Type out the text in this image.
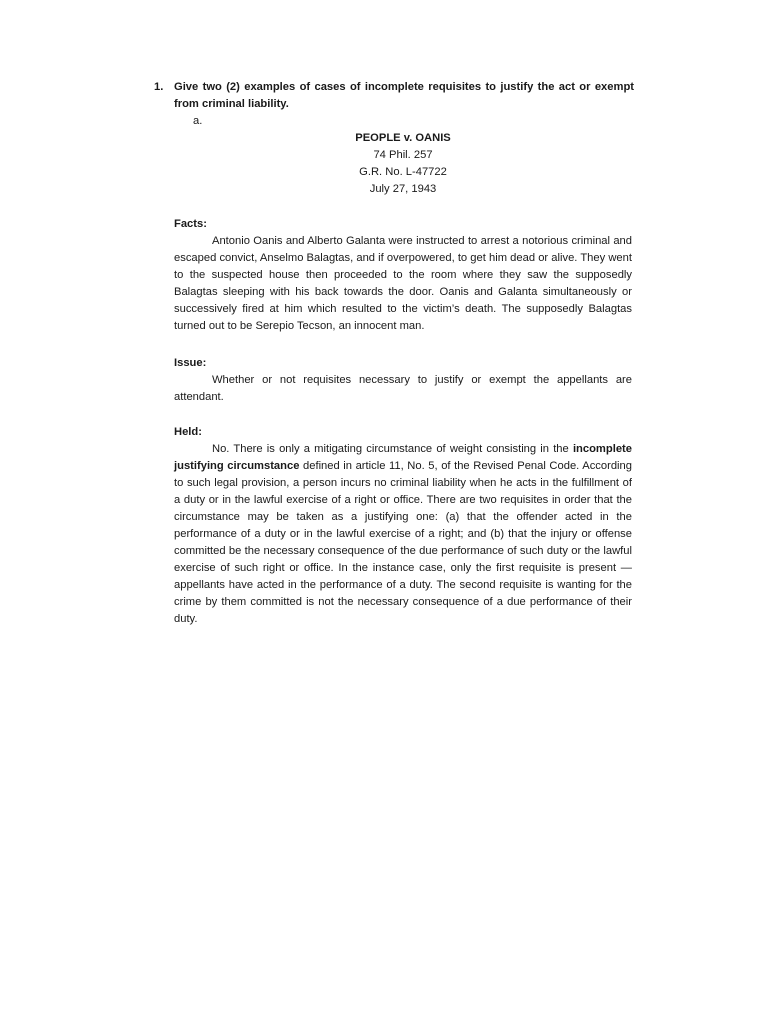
1. Give two (2) examples of cases of incomplete requisites to justify the act or exempt from criminal liability.
a.
PEOPLE v. OANIS
74 Phil. 257
G.R. No. L-47722
July 27, 1943
Facts:

Antonio Oanis and Alberto Galanta were instructed to arrest a notorious criminal and escaped convict, Anselmo Balagtas, and if overpowered, to get him dead or alive. They went to the suspected house then proceeded to the room where they saw the supposedly Balagtas sleeping with his back towards the door. Oanis and Galanta simultaneously or successively fired at him which resulted to the victim’s death. The supposedly Balagtas turned out to be Serepio Tecson, an innocent man.

Issue:

Whether or not requisites necessary to justify or exempt the appellants are attendant.

Held:

No. There is only a mitigating circumstance of weight consisting in the incomplete justifying circumstance defined in article 11, No. 5, of the Revised Penal Code. According to such legal provision, a person incurs no criminal liability when he acts in the fulfillment of a duty or in the lawful exercise of a right or office. There are two requisites in order that the circumstance may be taken as a justifying one: (a) that the offender acted in the performance of a duty or in the lawful exercise of a right; and (b) that the injury or offense committed be the necessary consequence of the due performance of such duty or the lawful exercise of such right or office. In the instance case, only the first requisite is present — appellants have acted in the performance of a duty. The second requisite is wanting for the crime by them committed is not the necessary consequence of a due performance of their duty.
